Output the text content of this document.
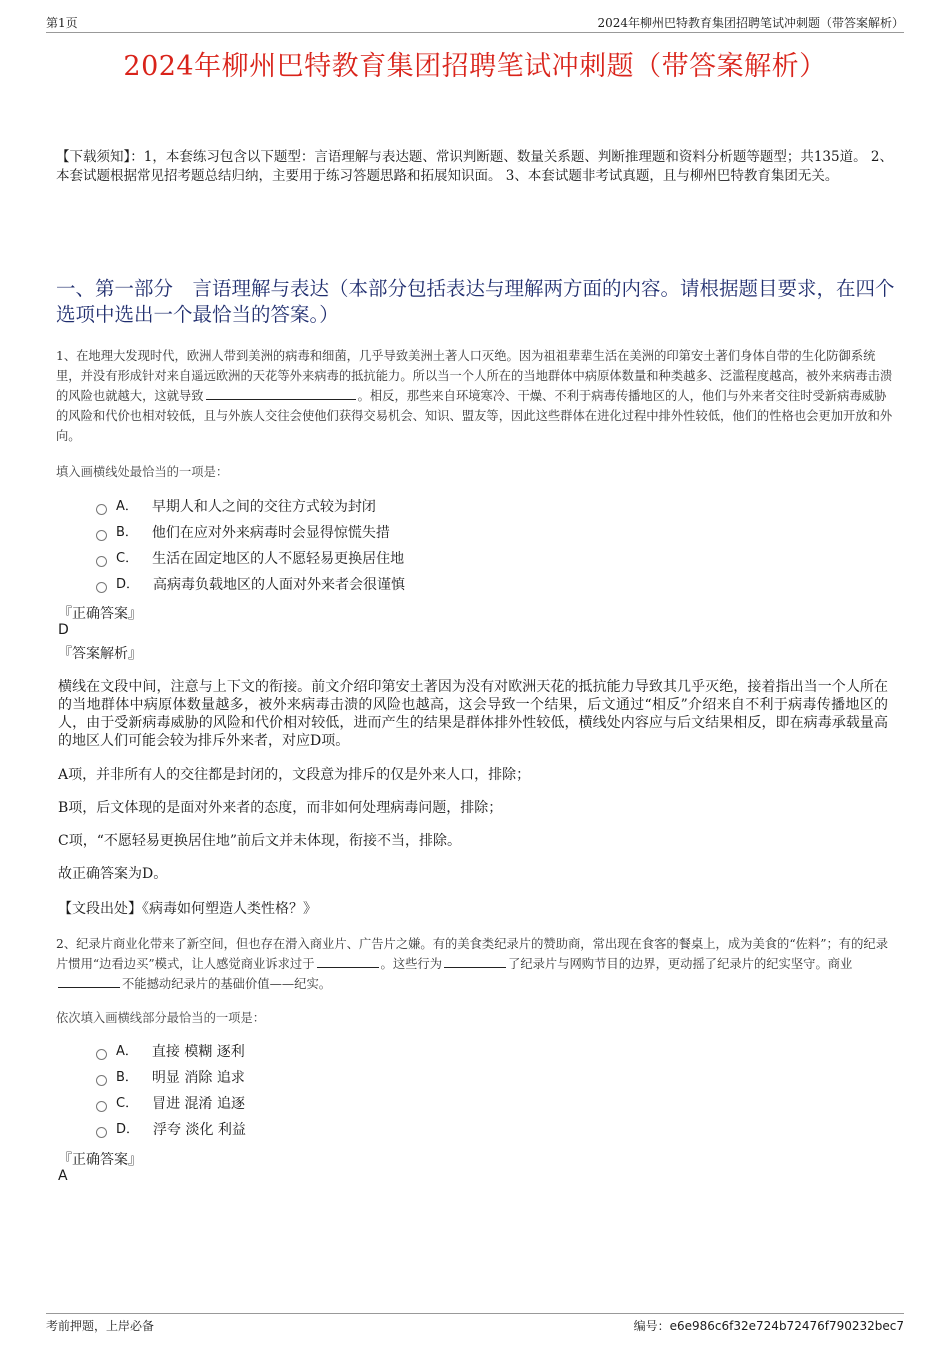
第1页	2024年柳州巴特教育集团招聘笔试冲刺题（带答案解析）
2024年柳州巴特教育集团招聘笔试冲刺题（带答案解析）
【下载须知】：1，本套练习包含以下题型：言语理解与表达题、常识判断题、数量关系题、判断推理题和资料分析题等题型；共135道。 2、本套试题根据常见招考题总结归纳，主要用于练习答题思路和拓展知识面。 3、本套试题非考试真题，且与柳州巴特教育集团无关。
一、第一部分　言语理解与表达（本部分包括表达与理解两方面的内容。请根据题目要求，在四个选项中选出一个最恰当的答案。）
1、在地理大发现时代，欧洲人带到美洲的病毒和细菌，几乎导致美洲土著人口灭绝。因为祖祖辈辈生活在美洲的印第安土著们身体自带的生化防御系统里，并没有形成针对来自遥远欧洲的天花等外来病毒的抵抗能力。所以当一个人所在的当地群体中病原体数量和种类越多、泛滥程度越高，被外来病毒击溃的风险也就越大，这就导致	。相反，那些来自环境寒冷、干燥、不利于病毒传播地区的人，他们与外来者交往时受新病毒威胁的风险和代价也相对较低，且与外族人交往会使他们获得交易机会、知识、盟友等，因此这些群体在进化过程中排外性较低，他们的性格也会更加开放和外向。
填入画横线处最恰当的一项是：
A． 早期人和人之间的交往方式较为封闭
B． 他们在应对外来病毒时会显得惊慌失措
C． 生活在固定地区的人不愿轻易更换居住地
D． 高病毒负载地区的人面对外来者会很谨慎
『正确答案』
D
『答案解析』
横线在文段中间，注意与上下文的衔接。前文介绍印第安土著因为没有对欧洲天花的抵抗能力导致其几乎灭绝，接着指出当一个人所在的当地群体中病原体数量越多，被外来病毒击溃的风险也越高，这会导致一个结果，后文通过“相反”介绍来自不利于病毒传播地区的人，由于受新病毒威胁的风险和代价相对较低，进而产生的结果是群体排外性较低，横线处内容应与后文结果相反，即在病毒承载量高的地区人们可能会较为排斥外来者，对应D项。
A项，并非所有人的交往都是封闭的，文段意为排斥的仅是外来人口，排除；
B项，后文体现的是面对外来者的态度，而非如何处理病毒问题，排除；
C项，“不愿轻易更换居住地”前后文并未体现，衔接不当，排除。
故正确答案为D。
【文段出处】《病毒如何塑造人类性格？》
2、纪录片商业化带来了新空间，但也存在滑入商业片、广告片之嫌。有的美食类纪录片的赞助商，常出现在食客的餐桌上，成为美食的“佐料”；有的纪录片惯用“边看边买”模式，让人感觉商业诉求过于	。这些行为	了纪录片与网购节目的边界，更动摇了纪录片的纪实坚守。商业不能撼动纪录片的基础价值——纪实。
依次填入画横线部分最恰当的一项是：
A． 直接 模糊 逐利
B． 明显 消除 追求
C． 冒进 混淆 追逐
D． 浮夸 淡化 利益
『正确答案』
A
考前押题，上岸必备	编号：e6e986c6f32e724b72476f790232bec7
